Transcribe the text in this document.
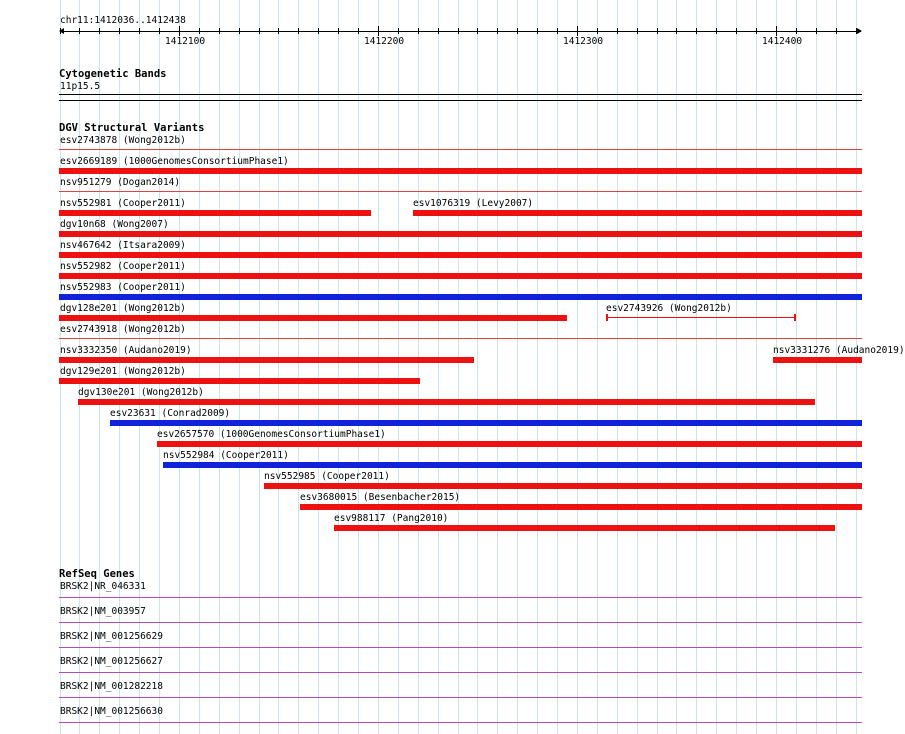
chr11:1412036..1412438
1412100	1412200	1412300	1412400
Cytogenetic Bands
11p15.5
DGV Structural Variants
esv2743878 (Wong2012b)
esv2669189 (1000GenomesConsortiumPhase1)
nsv951279 (Dogan2014)
nsv552981 (Cooper2011)	esv1076319 (Levy2007)
dgv10n68 (Wong2007)
nsv467642 (Itsara2009)
nsv552982 (Cooper2011)
nsv552983 (Cooper2011)
dgv128e201 (Wong2012b)	esv2743926 (Wong2012b)
esv2743918 (Wong2012b)
nsv3332350 (Audano2019)	nsv3331276 (Audano2019)
dgv129e201 (Wong2012b)
dgv130e201 (Wong2012b)
esv23631 (Conrad2009)
esv2657570 (1000GenomesConsortiumPhase1)
nsv552984 (Cooper2011)
nsv552985 (Cooper2011)
esv3680015 (Besenbacher2015)
esv988117 (Pang2010)
RefSeq Genes
BRSK2|NR_046331
BRSK2|NM_003957
BRSK2|NM_001256629
BRSK2|NM_001256627
BRSK2|NM_001282218
BRSK2|NM_001256630
